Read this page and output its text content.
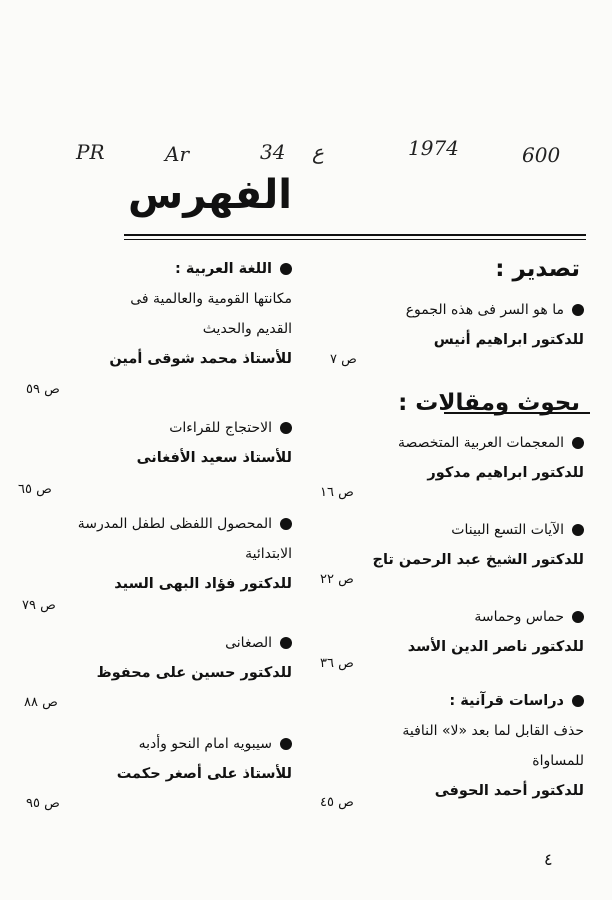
PR	Ar	34 ع	1974	600
الفهرس
تصدير :
بحوث ومقالات :
ما هو السر فى هذه الجموع
للدكتور ابراهيم أنيس
ص ٧
المعجمات العربية المتخصصة
للدكتور ابراهيم مدكور
ص ١٦
الآيات التسع البينات
للدكتور الشيخ عبد الرحمن تاج
ص ٢٢
حماس وحماسة
للدكتور ناصر الدين الأسد
ص ٣٦
دراسات قرآنية :
حذف القابل لما بعد «لا» النافية
للمساواة
للدكتور أحمد الحوفى
ص ٤٥
اللغة العربية :
مكانتها القومية والعالمية فى
القديم والحديث
للأستاذ محمد شوقى أمين
ص ٥٩
الاحتجاج للقراءات
للأستاذ سعيد الأفغانى
ص ٦٥
المحصول اللفظى لطفل المدرسة
الابتدائية
للدكتور فؤاد البهى السيد
ص ٧٩
الصغانى
للدكتور حسين على محفوظ
ص ٨٨
سيبويه امام النحو وأدبه
للأستاذ على أصغر حكمت
ص ٩٥
٤
